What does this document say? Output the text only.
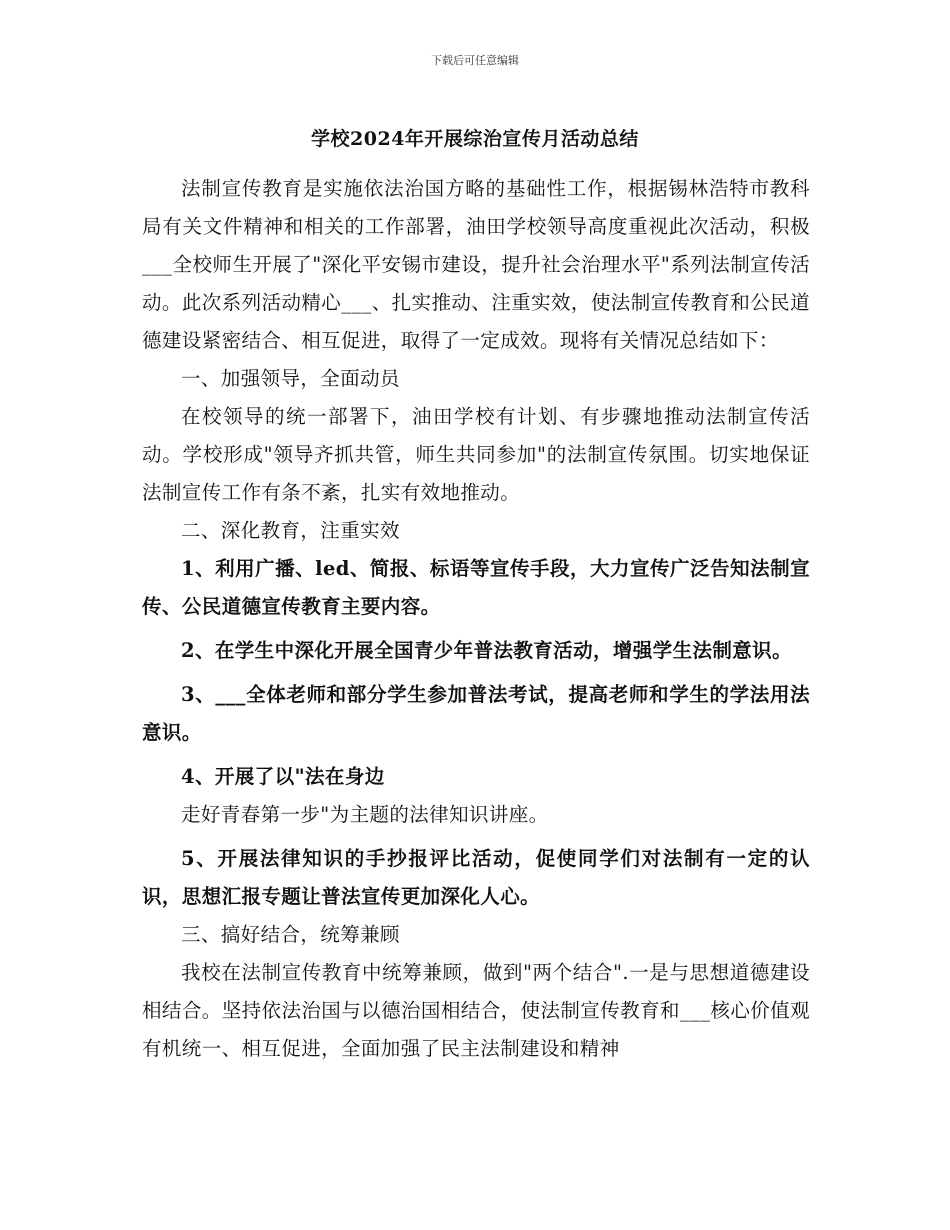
下载后可任意编辑
学校2024年开展综治宣传月活动总结

法制宣传教育是实施依法治国方略的基础性工作，根据锡林浩特市教科局有关文件精神和相关的工作部署，油田学校领导高度重视此次活动，积极___全校师生开展了"深化平安锡市建设，提升社会治理水平"系列法制宣传活动。此次系列活动精心___、扎实推动、注重实效，使法制宣传教育和公民道德建设紧密结合、相互促进，取得了一定成效。现将有关情况总结如下：

一、加强领导，全面动员

在校领导的统一部署下，油田学校有计划、有步骤地推动法制宣传活动。学校形成"领导齐抓共管，师生共同参加"的法制宣传氛围。切实地保证法制宣传工作有条不紊，扎实有效地推动。

二、深化教育，注重实效

1、利用广播、led、简报、标语等宣传手段，大力宣传广泛告知法制宣传、公民道德宣传教育主要内容。

2、在学生中深化开展全国青少年普法教育活动，增强学生法制意识。

3、___全体老师和部分学生参加普法考试，提高老师和学生的学法用法意识。

4、开展了以"法在身边

走好青春第一步"为主题的法律知识讲座。

5、开展法律知识的手抄报评比活动，促使同学们对法制有一定的认识，思想汇报专题让普法宣传更加深化人心。

三、搞好结合，统筹兼顾

我校在法制宣传教育中统筹兼顾，做到"两个结合".一是与思想道德建设相结合。坚持依法治国与以德治国相结合，使法制宣传教育和___核心价值观有机统一、相互促进，全面加强了民主法制建设和精神
